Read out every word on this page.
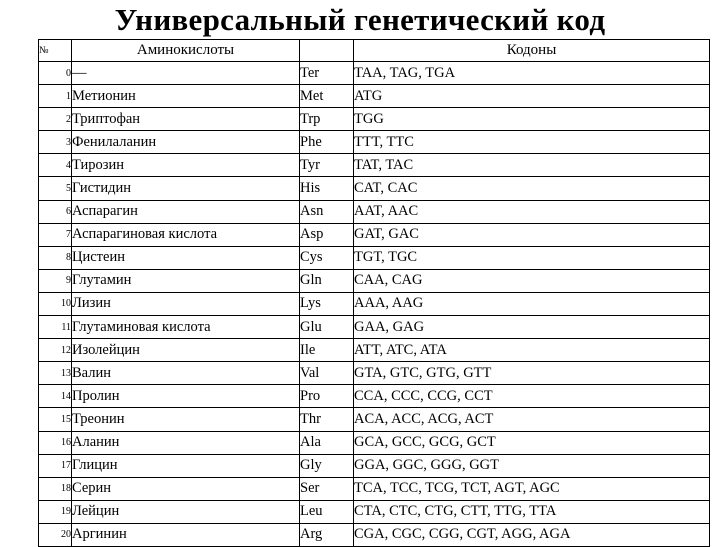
Универсальный генетический код
№	Аминокислоты		Кодоны
0	—	Ter	TAA, TAG, TGA
1	Метионин	Met	ATG
2	Триптофан	Trp	TGG
3	Фенилаланин	Phe	TTT, TTC
4	Тирозин	Tyr	TAT, TAC
5	Гистидин	His	CAT, CAC
6	Аспарагин	Asn	AAT, AAC
7	Аспарагиновая кислота	Asp	GAT, GAC
8	Цистеин	Cys	TGT, TGC
9	Глутамин	Gln	CAA, CAG
10	Лизин	Lys	AAA, AAG
11	Глутаминовая кислота	Glu	GAA, GAG
12	Изолейцин	Ile	ATT, ATC, ATA
13	Валин	Val	GTA, GTC, GTG, GTT
14	Пролин	Pro	CCA, CCC, CCG, CCT
15	Треонин	Thr	ACA, ACC, ACG, ACT
16	Аланин	Ala	GCA, GCC, GCG, GCT
17	Глицин	Gly	GGA, GGC, GGG, GGT
18	Серин	Ser	TCA, TCC, TCG, TCT, AGT, AGC
19	Лейцин	Leu	CTA, CTC, CTG, CTT, TTG, TTA
20	Аргинин	Arg	CGA, CGC, CGG, CGT, AGG, AGA
